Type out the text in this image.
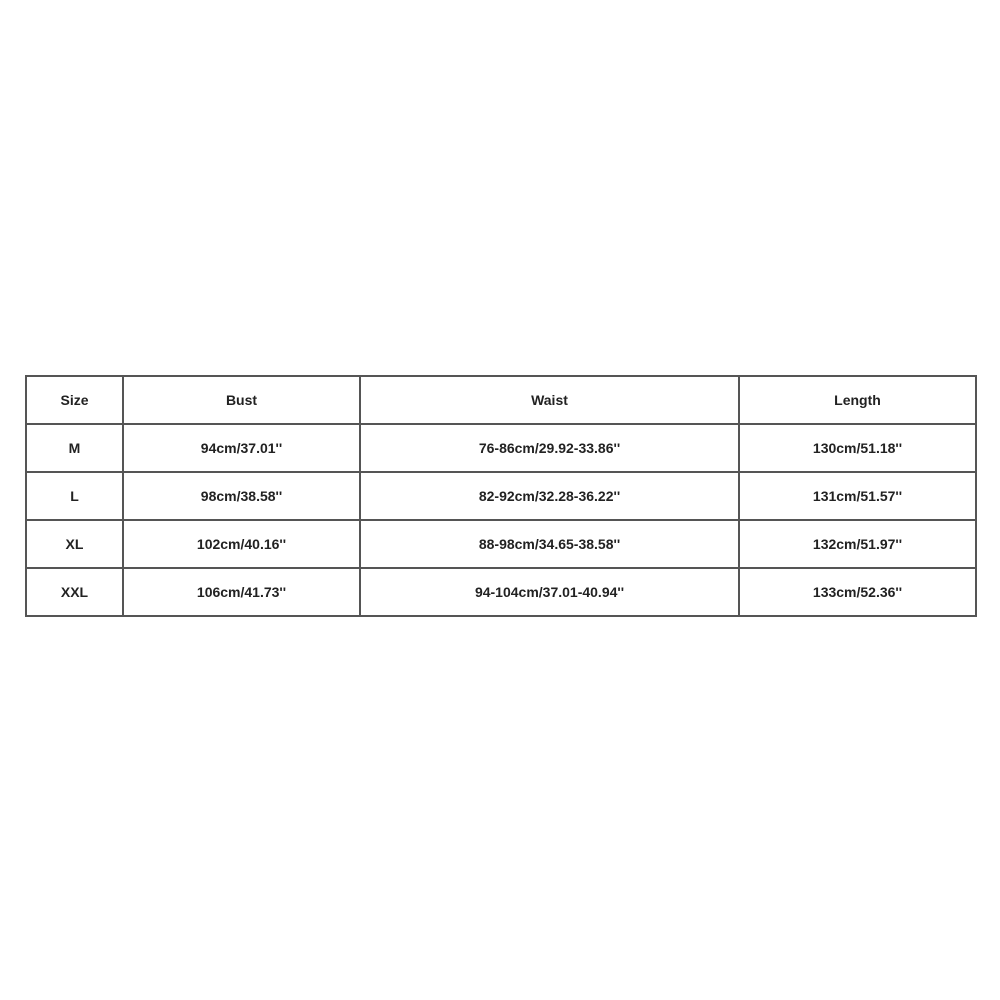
Size	Bust	Waist	Length
M	94cm/37.01''	76-86cm/29.92-33.86''	130cm/51.18''
L	98cm/38.58''	82-92cm/32.28-36.22''	131cm/51.57''
XL	102cm/40.16''	88-98cm/34.65-38.58''	132cm/51.97''
XXL	106cm/41.73''	94-104cm/37.01-40.94''	133cm/52.36''
